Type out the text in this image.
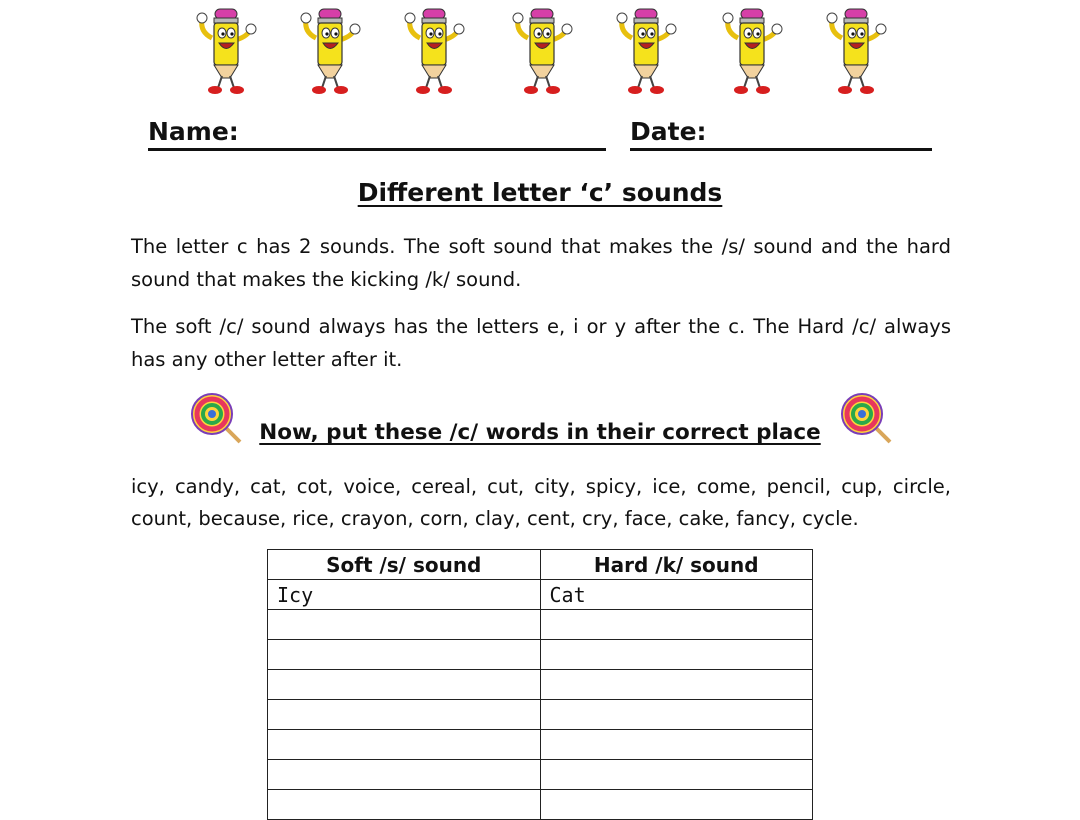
Name:	Date:
Different letter ‘c’ sounds
The letter c has 2 sounds. The soft sound that makes the /s/ sound and the hard sound that makes the kicking /k/ sound.
The soft /c/ sound always has the letters e, i or y after the c. The Hard /c/ always has any other letter after it.
Now, put these /c/ words in their correct place
icy, candy, cat, cot, voice, cereal, cut, city, spicy, ice, come, pencil, cup, circle, count, because, rice, crayon, corn, clay, cent, cry, face, cake, fancy, cycle.
Soft /s/ sound	Hard /k/ sound
Icy	Cat
